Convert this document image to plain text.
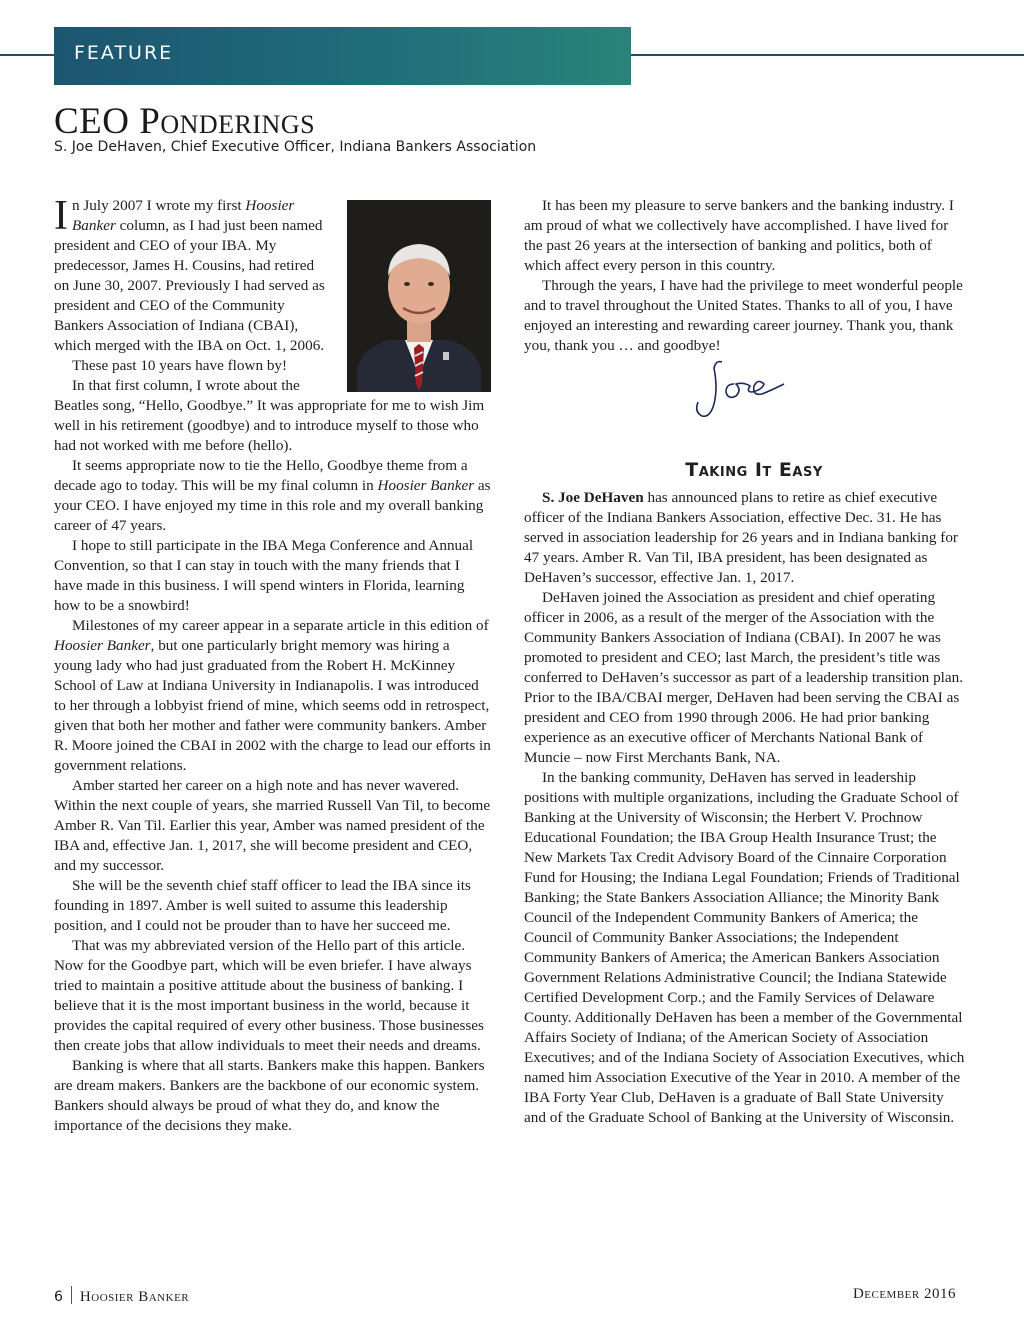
FEATURE
CEO Ponderings
S. Joe DeHaven, Chief Executive Officer, Indiana Bankers Association

In July 2007 I wrote my first Hoosier Banker column, as I had just been named president and CEO of your IBA. My predecessor, James H. Cousins, had retired on June 30, 2007. Previously I had served as president and CEO of the Community Bankers Association of Indiana (CBAI), which merged with the IBA on Oct. 1, 2006.

These past 10 years have flown by!

In that first column, I wrote about the Beatles song, “Hello, Goodbye.” It was appropriate for me to wish Jim well in his retirement (goodbye) and to introduce myself to those who had not worked with me before (hello).

It seems appropriate now to tie the Hello, Goodbye theme from a decade ago to today. This will be my final column in Hoosier Banker as your CEO. I have enjoyed my time in this role and my overall banking career of 47 years.

I hope to still participate in the IBA Mega Conference and Annual Convention, so that I can stay in touch with the many friends that I have made in this business. I will spend winters in Florida, learning how to be a snowbird!

Milestones of my career appear in a separate article in this edition of Hoosier Banker, but one particularly bright memory was hiring a young lady who had just graduated from the Robert H. McKinney School of Law at Indiana University in Indianapolis. I was introduced to her through a lobbyist friend of mine, which seems odd in retrospect, given that both her mother and father were community bankers. Amber R. Moore joined the CBAI in 2002 with the charge to lead our efforts in government relations.

Amber started her career on a high note and has never wavered. Within the next couple of years, she married Russell Van Til, to become Amber R. Van Til. Earlier this year, Amber was named president of the IBA and, effective Jan. 1, 2017, she will become president and CEO, and my successor.

She will be the seventh chief staff officer to lead the IBA since its founding in 1897. Amber is well suited to assume this leadership position, and I could not be prouder than to have her succeed me.

That was my abbreviated version of the Hello part of this article. Now for the Goodbye part, which will be even briefer. I have always tried to maintain a positive attitude about the business of banking. I believe that it is the most important business in the world, because it provides the capital required of every other business. Those businesses then create jobs that allow individuals to meet their needs and dreams.

Banking is where that all starts. Bankers make this happen. Bankers are dream makers. Bankers are the backbone of our economic system. Bankers should always be proud of what they do, and know the importance of the decisions they make.

It has been my pleasure to serve bankers and the banking industry. I am proud of what we collectively have accomplished. I have lived for the past 26 years at the intersection of banking and politics, both of which affect every person in this country.

Through the years, I have had the privilege to meet wonderful people and to travel throughout the United States. Thanks to all of you, I have enjoyed an interesting and rewarding career journey. Thank you, thank you, thank you … and goodbye!

Taking It Easy

S. Joe DeHaven has announced plans to retire as chief executive officer of the Indiana Bankers Association, effective Dec. 31. He has served in association leadership for 26 years and in Indiana banking for 47 years. Amber R. Van Til, IBA president, has been designated as DeHaven’s successor, effective Jan. 1, 2017.

DeHaven joined the Association as president and chief operating officer in 2006, as a result of the merger of the Association with the Community Bankers Association of Indiana (CBAI). In 2007 he was promoted to president and CEO; last March, the president’s title was conferred to DeHaven’s successor as part of a leadership transition plan. Prior to the IBA/CBAI merger, DeHaven had been serving the CBAI as president and CEO from 1990 through 2006. He had prior banking experience as an executive officer of Merchants National Bank of Muncie – now First Merchants Bank, NA.

In the banking community, DeHaven has served in leadership positions with multiple organizations, including the Graduate School of Banking at the University of Wisconsin; the Herbert V. Prochnow Educational Foundation; the IBA Group Health Insurance Trust; the New Markets Tax Credit Advisory Board of the Cinnaire Corporation Fund for Housing; the Indiana Legal Foundation; Friends of Traditional Banking; the State Bankers Association Alliance; the Minority Bank Council of the Independent Community Bankers of America; the Council of Community Banker Associations; the Independent Community Bankers of America; the American Bankers Association Government Relations Administrative Council; the Indiana Statewide Certified Development Corp.; and the Family Services of Delaware County. Additionally DeHaven has been a member of the Governmental Affairs Society of Indiana; of the American Society of Association Executives; and of the Indiana Society of Association Executives, which named him Association Executive of the Year in 2010. A member of the IBA Forty Year Club, DeHaven is a graduate of Ball State University and of the Graduate School of Banking at the University of Wisconsin.

6 Hoosier Banker	December 2016
